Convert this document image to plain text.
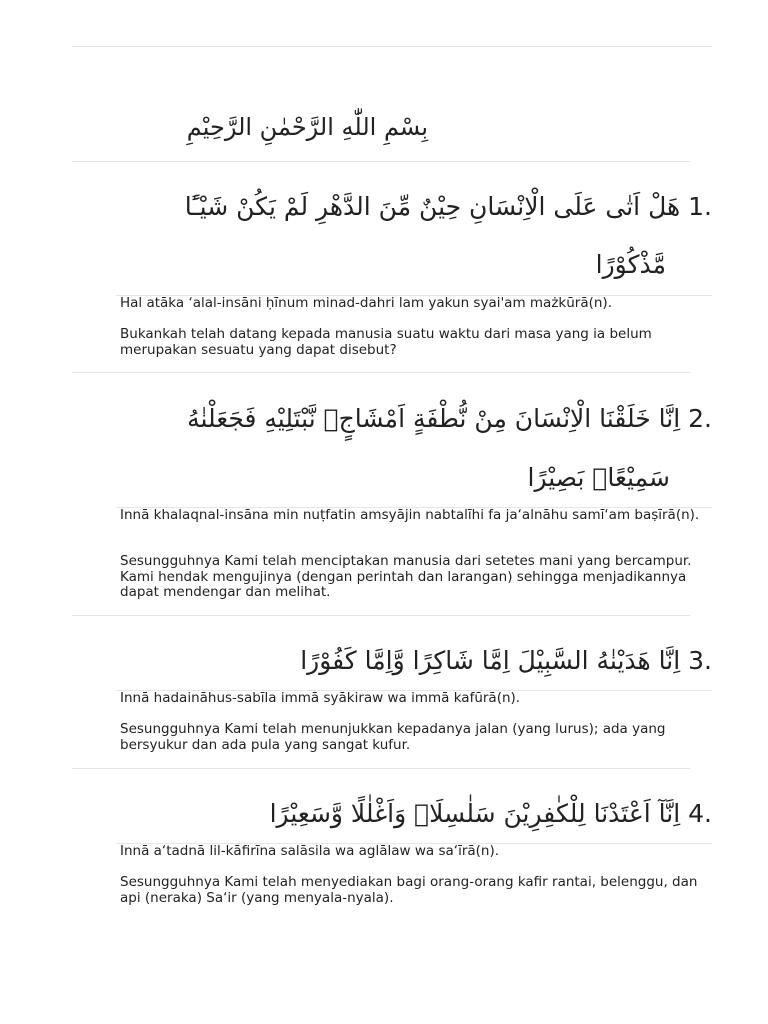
بِسْمِ اللّٰهِ الرَّحْمٰنِ الرَّحِيْمِ
1. هَلْ اَتٰى عَلَى الْاِنْسَانِ حِيْنٌ مِّنَ الدَّهْرِ لَمْ يَكُنْ شَيْـًٔا
مَّذْكُوْرًا
Hal atāka ‘alal-insāni ḥīnum minad-dahri lam yakun syai'am mażkūrā(n).
Bukankah telah datang kepada manusia suatu waktu dari masa yang ia belum merupakan sesuatu yang dapat disebut?
2. اِنَّا خَلَقْنَا الْاِنْسَانَ مِنْ نُّطْفَةٍ اَمْشَاجٍۖ نَّبْتَلِيْهِ فَجَعَلْنٰهُ
سَمِيْعًاۢ بَصِيْرًا
Innā khalaqnal-insāna min nuṭfatin amsyājin nabtalīhi fa ja‘alnāhu samī‘am baṣīrā(n).
Sesungguhnya Kami telah menciptakan manusia dari setetes mani yang bercampur. Kami hendak mengujinya (dengan perintah dan larangan) sehingga menjadikannya dapat mendengar dan melihat.
3. اِنَّا هَدَيْنٰهُ السَّبِيْلَ اِمَّا شَاكِرًا وَّاِمَّا كَفُوْرًا
Innā hadaināhus-sabīla immā syākiraw wa immā kafūrā(n).
Sesungguhnya Kami telah menunjukkan kepadanya jalan (yang lurus); ada yang bersyukur dan ada pula yang sangat kufur.
4. اِنَّآ اَعْتَدْنَا لِلْكٰفِرِيْنَ سَلٰسِلَا۟ وَاَغْلٰلًا وَّسَعِيْرًا
Innā a‘tadnā lil-kāfirīna salāsila wa aglālaw wa sa‘īrā(n).
Sesungguhnya Kami telah menyediakan bagi orang-orang kafir rantai, belenggu, dan api (neraka) Sa‘ir (yang menyala-nyala).
